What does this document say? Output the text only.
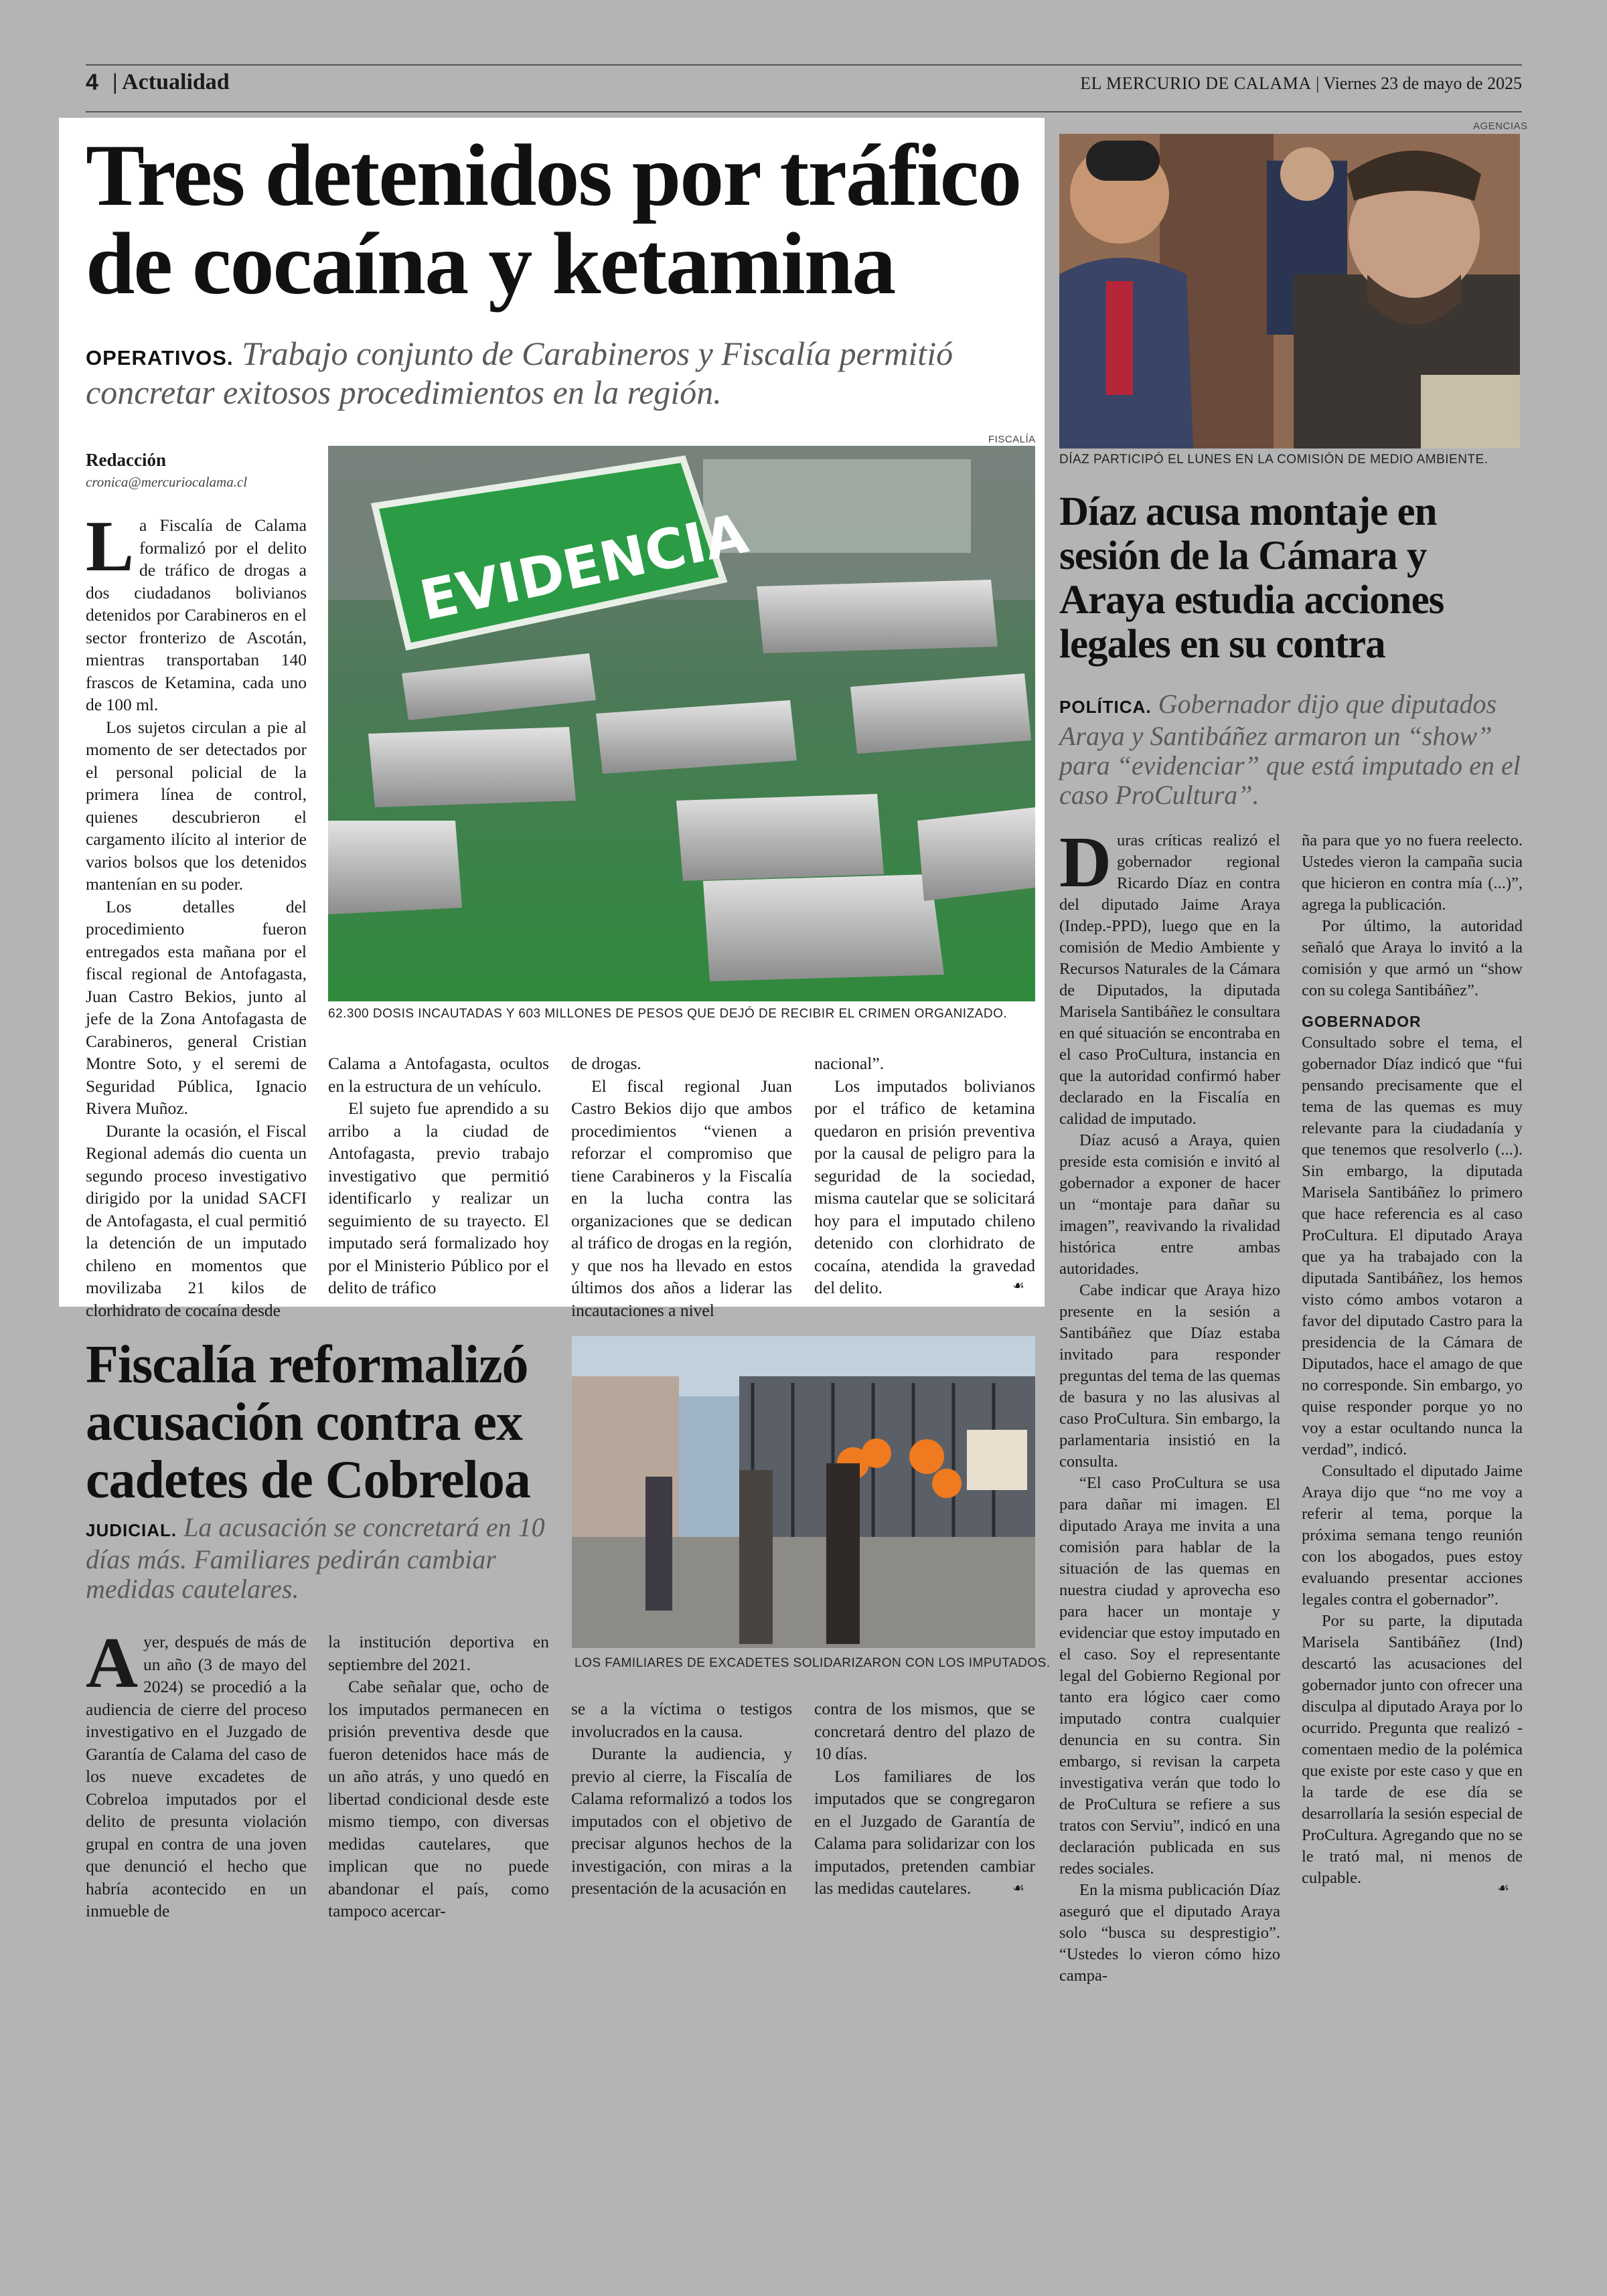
4 | Actualidad	EL MERCURIO DE CALAMA | Viernes 23 de mayo de 2025
Tres detenidos por tráfico de cocaína y ketamina
OPERATIVOS. Trabajo conjunto de Carabineros y Fiscalía permitió concretar exitosos procedimientos en la región.
Redacción
cronica@mercuriocalama.cl
FISCALÍA
EVIDENCIA
62.300 DOSIS INCAUTADAS Y 603 MILLONES DE PESOS QUE DEJÓ DE RECIBIR EL CRIMEN ORGANIZADO.
L a Fiscalía de Calama formalizó por el delito de tráfico de drogas a dos ciudadanos bolivianos detenidos por Carabineros en el sector fronterizo de Ascotán, mientras transportaban 140 frascos de Ketamina, cada uno de 100 ml.

Los sujetos circulan a pie al momento de ser detectados por el personal policial de la primera línea de control, quienes descubrieron el cargamento ilícito al interior de varios bolsos que los detenidos mantenían en su poder.

Los detalles del procedimiento fueron entregados esta mañana por el fiscal regional de Antofagasta, Juan Castro Bekios, junto al jefe de la Zona Antofagasta de Carabineros, general Cristian Montre Soto, y el seremi de Seguridad Pública, Ignacio Rivera Muñoz.

Durante la ocasión, el Fiscal Regional además dio cuenta un segundo proceso investigativo dirigido por la unidad SACFI de Antofagasta, el cual permitió la detención de un imputado chileno en momentos que movilizaba 21 kilos de clorhidrato de cocaína desde

Calama a Antofagasta, ocultos en la estructura de un vehículo.

El sujeto fue aprendido a su arribo a la ciudad de Antofagasta, previo trabajo investigativo que permitió identificarlo y realizar un seguimiento de su trayecto. El imputado será formalizado hoy por el Ministerio Público por el delito de tráfico

de drogas.

El fiscal regional Juan Castro Bekios dijo que ambos procedimientos “vienen a reforzar el compromiso que tiene Carabineros y la Fiscalía en la lucha contra las organizaciones que se dedican al tráfico de drogas en la región, y que nos ha llevado en estos últimos dos años a liderar las incautaciones a nivel

nacional”.

Los imputados bolivianos por el tráfico de ketamina quedaron en prisión preventiva por la causal de peligro para la seguridad de la sociedad, misma cautelar que se solicitará hoy para el imputado chileno detenido con clorhidrato de cocaína, atendida la gravedad del delito.	☙
AGENCIAS
DÍAZ PARTICIPÓ EL LUNES EN LA COMISIÓN DE MEDIO AMBIENTE.
Díaz acusa montaje en sesión de la Cámara y Araya estudia acciones legales en su contra
POLÍTICA. Gobernador dijo que diputados Araya y Santibáñez armaron un “show” para “evidenciar” que está imputado en el caso ProCultura”.
D uras críticas realizó el gobernador regional Ricardo Díaz en contra del diputado Jaime Araya (Indep.-PPD), luego que en la comisión de Medio Ambiente y Recursos Naturales de la Cámara de Diputados, la diputada Marisela Santibáñez le consultara en qué situación se encontraba en el caso ProCultura, instancia en que la autoridad confirmó haber declarado en la Fiscalía en calidad de imputado.

Díaz acusó a Araya, quien preside esta comisión e invitó al gobernador a exponer de hacer un “montaje para dañar su imagen”, reavivando la rivalidad histórica entre ambas autoridades.

Cabe indicar que Araya hizo presente en la sesión a Santibáñez que Díaz estaba invitado para responder preguntas del tema de las quemas de basura y no las alusivas al caso ProCultura. Sin embargo, la parlamentaria insistió en la consulta.

“El caso ProCultura se usa para dañar mi imagen. El diputado Araya me invita a una comisión para hablar de la situación de las quemas en nuestra ciudad y aprovecha eso para hacer un montaje y evidenciar que estoy imputado en el caso. Soy el representante legal del Gobierno Regional por tanto era lógico caer como imputado contra cualquier denuncia en su contra. Sin embargo, si revisan la carpeta investigativa verán que todo lo de ProCultura se refiere a sus tratos con Serviu”, indicó en una declaración publicada en sus redes sociales.

En la misma publicación Díaz aseguró que el diputado Araya solo “busca su desprestigio”. “Ustedes lo vieron cómo hizo campa-

ña para que yo no fuera reelecto. Ustedes vieron la campaña sucia que hicieron en contra mía (...)”, agrega la publicación.

Por último, la autoridad señaló que Araya lo invitó a la comisión y que armó un “show con su colega Santibáñez”.

GOBERNADOR

Consultado sobre el tema, el gobernador Díaz indicó que “fui pensando precisamente que el tema de las quemas es muy relevante para la ciudadanía y que tenemos que resolverlo (...). Sin embargo, la diputada Marisela Santibáñez lo primero que hace referencia es al caso ProCultura. El diputado Araya que ya ha trabajado con la diputada Santibáñez, los hemos visto cómo ambos votaron a favor del diputado Castro para la presidencia de la Cámara de Diputados, hace el amago de que no corresponde. Sin embargo, yo quise responder porque yo no voy a estar ocultando nunca la verdad”, indicó.

Consultado el diputado Jaime Araya dijo que “no me voy a referir al tema, porque la próxima semana tengo reunión con los abogados, pues estoy evaluando presentar acciones legales contra el gobernador”.

Por su parte, la diputada Marisela Santibáñez (Ind) descartó las acusaciones del gobernador junto con ofrecer una disculpa al diputado Araya por lo ocurrido. Pregunta que realizó -comentaen medio de la polémica que existe por este caso y que en la tarde de ese día se desarrollaría la sesión especial de ProCultura. Agregando que no se le trató mal, ni menos de culpable.

☙
Fiscalía reformalizó acusación contra ex cadetes de Cobreloa
JUDICIAL. La acusación se concretará en 10 días más. Familiares pedirán cambiar medidas cautelares.
LOS FAMILIARES DE EXCADETES SOLIDARIZARON CON LOS IMPUTADOS.
A yer, después de más de un año (3 de mayo del 2024) se procedió a la audiencia de cierre del proceso investigativo en el Juzgado de Garantía de Calama del caso de los nueve excadetes de Cobreloa imputados por el delito de presunta violación grupal en contra de una joven que denunció el hecho que habría acontecido en un inmueble de

la institución deportiva en septiembre del 2021.

Cabe señalar que, ocho de los imputados permanecen en prisión preventiva desde que fueron detenidos hace más de un año atrás, y uno quedó en libertad condicional desde este mismo tiempo, con diversas medidas cautelares, que implican que no puede abandonar el país, como tampoco acercar-

se a la víctima o testigos involucrados en la causa.

Durante la audiencia, y previo al cierre, la Fiscalía de Calama reformalizó a todos los imputados con el objetivo de precisar algunos hechos de la investigación, con miras a la presentación de la acusación en

contra de los mismos, que se concretará dentro del plazo de 10 días.

Los familiares de los imputados que se congregaron en el Juzgado de Garantía de Calama para solidarizar con los imputados, pretenden cambiar las medidas cautelares.	☙
